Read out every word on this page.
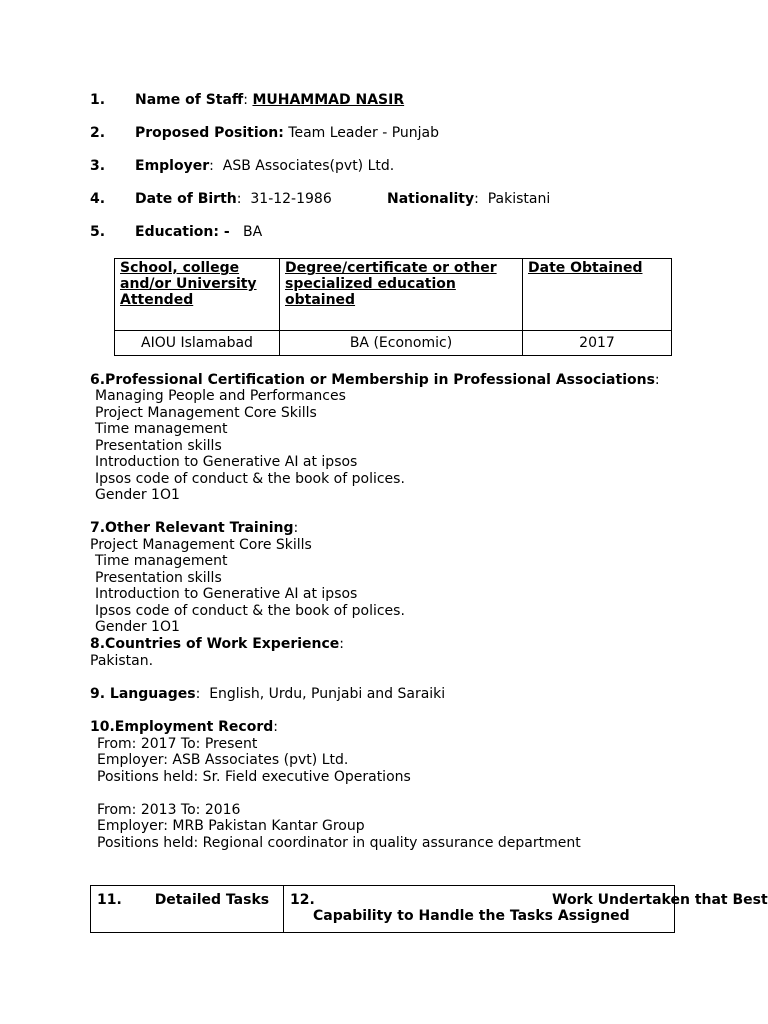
1. Name of Staff: MUHAMMAD NASIR
2. Proposed Position: Team Leader - Punjab
3. Employer:  ASB Associates(pvt) Ltd.
4. Date of Birth:  31-12-1986	Nationality:  Pakistani
5. Education: - BA
School, college and/or University Attended	Degree/certificate or other specialized education obtained	Date Obtained
AIOU Islamabad	BA (Economic)	2017
6.Professional Certification or Membership in Professional Associations:
Managing People and Performances
Project Management Core Skills
Time management
Presentation skills
Introduction to Generative AI at ipsos
Ipsos code of conduct & the book of polices.
Gender 1O1
7.Other Relevant Training:
Project Management Core Skills
Time management
Presentation skills
Introduction to Generative AI at ipsos
Ipsos code of conduct & the book of polices.
Gender 1O1
8.Countries of Work Experience:
Pakistan.
9. Languages:  English, Urdu, Punjabi and Saraiki
10.Employment Record:
From: 2017 To: Present
Employer: ASB Associates (pvt) Ltd.
Positions held: Sr. Field executive Operations
From: 2013 To: 2016
Employer: MRB Pakistan Kantar Group
Positions held: Regional coordinator in quality assurance department
11. Detailed Tasks	12.	Work Undertaken that Best
Capability to Handle the Tasks Assigned
